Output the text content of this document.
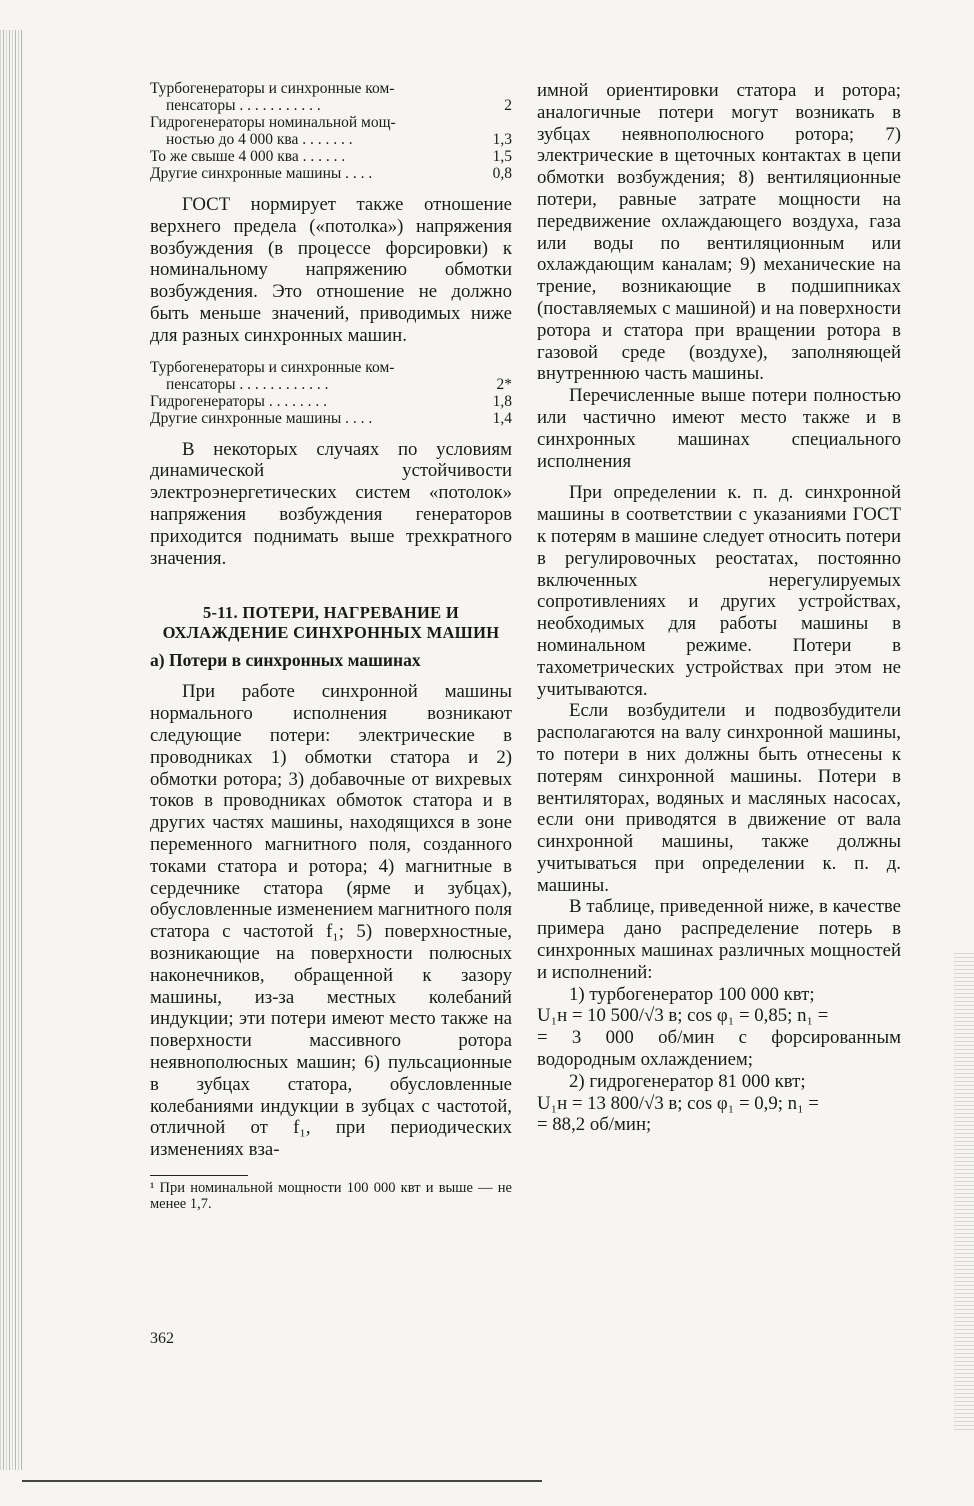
Турбогенераторы и синхронные ком-
пенсаторы . . . . . . . . . . .	2
Гидрогенераторы номинальной мощ-
ностью до 4 000 ква . . . . . . .	1,3
То же свыше 4 000 ква . . . . . .	1,5
Другие синхронные машины . . . .	0,8

ГОСТ нормирует также отношение верхнего предела («потолка») напряжения возбуждения (в процессе форсировки) к номинальному напряжению обмотки возбуждения. Это отношение не должно быть меньше значений, приводимых ниже для разных синхронных машин.

Турбогенераторы и синхронные ком-
пенсаторы . . . . . . . . . . . .	2*
Гидрогенераторы . . . . . . . .	1,8
Другие синхронные машины . . . .	1,4

В некоторых случаях по условиям динамической устойчивости электроэнергетических систем «потолок» напряжения возбуждения генераторов приходится поднимать выше трехкратного значения.

5-11. ПОТЕРИ, НАГРЕВАНИЕ И ОХЛАЖДЕНИЕ СИНХРОННЫХ МАШИН
а) Потери в синхронных машинах

При работе синхронной машины нормального исполнения возникают следующие потери: электрические в проводниках 1) обмотки статора и 2) обмотки ротора; 3) добавочные от вихревых токов в проводниках обмоток статора и в других частях машины, находящихся в зоне переменного магнитного поля, созданного токами статора и ротора; 4) магнитные в сердечнике статора (ярме и зубцах), обусловленные изменением магнитного поля статора с частотой f₁; 5) поверхностные, возникающие на поверхности полюсных наконечников, обращенной к зазору машины, из-за местных колебаний индукции; эти потери имеют место также на поверхности массивного ротора неявнополюсных машин; 6) пульсационные в зубцах статора, обусловленные колебаниями индукции в зубцах с частотой, отличной от f₁, при периодических изменениях вза-

¹ При номинальной мощности 100 000 квт и выше — не менее 1,7.

имной ориентировки статора и ротора; аналогичные потери могут возникать в зубцах неявнополюсного ротора; 7) электрические в щеточных контактах в цепи обмотки возбуждения; 8) вентиляционные потери, равные затрате мощности на передвижение охлаждающего воздуха, газа или воды по вентиляционным или охлаждающим каналам; 9) механические на трение, возникающие в подшипниках (поставляемых с машиной) и на поверхности ротора и статора при вращении ротора в газовой среде (воздухе), заполняющей внутреннюю часть машины.

Перечисленные выше потери полностью или частично имеют место также и в синхронных машинах специального исполнения

При определении к. п. д. синхронной машины в соответствии с указаниями ГОСТ к потерям в машине следует относить потери в регулировочных реостатах, постоянно включенных нерегулируемых сопротивлениях и других устройствах, необходимых для работы машины в номинальном режиме. Потери в тахометрических устройствах при этом не учитываются.

Если возбудители и подвозбудители располагаются на валу синхронной машины, то потери в них должны быть отнесены к потерям синхронной машины. Потери в вентиляторах, водяных и масляных насосах, если они приводятся в движение от вала синхронной машины, также должны учитываться при определении к. п. д. машины.

В таблице, приведенной ниже, в качестве примера дано распределение потерь в синхронных машинах различных мощностей и исполнений:

1) турбогенератор 100 000 квт;

U₁н = 10 500/√3 в; cos φ₁ = 0,85; n₁ =

= 3 000 об/мин с форсированным водородным охлаждением;

2) гидрогенератор 81 000 квт;

U₁н = 13 800/√3 в; cos φ₁ = 0,9; n₁ =

= 88,2 об/мин;

362
